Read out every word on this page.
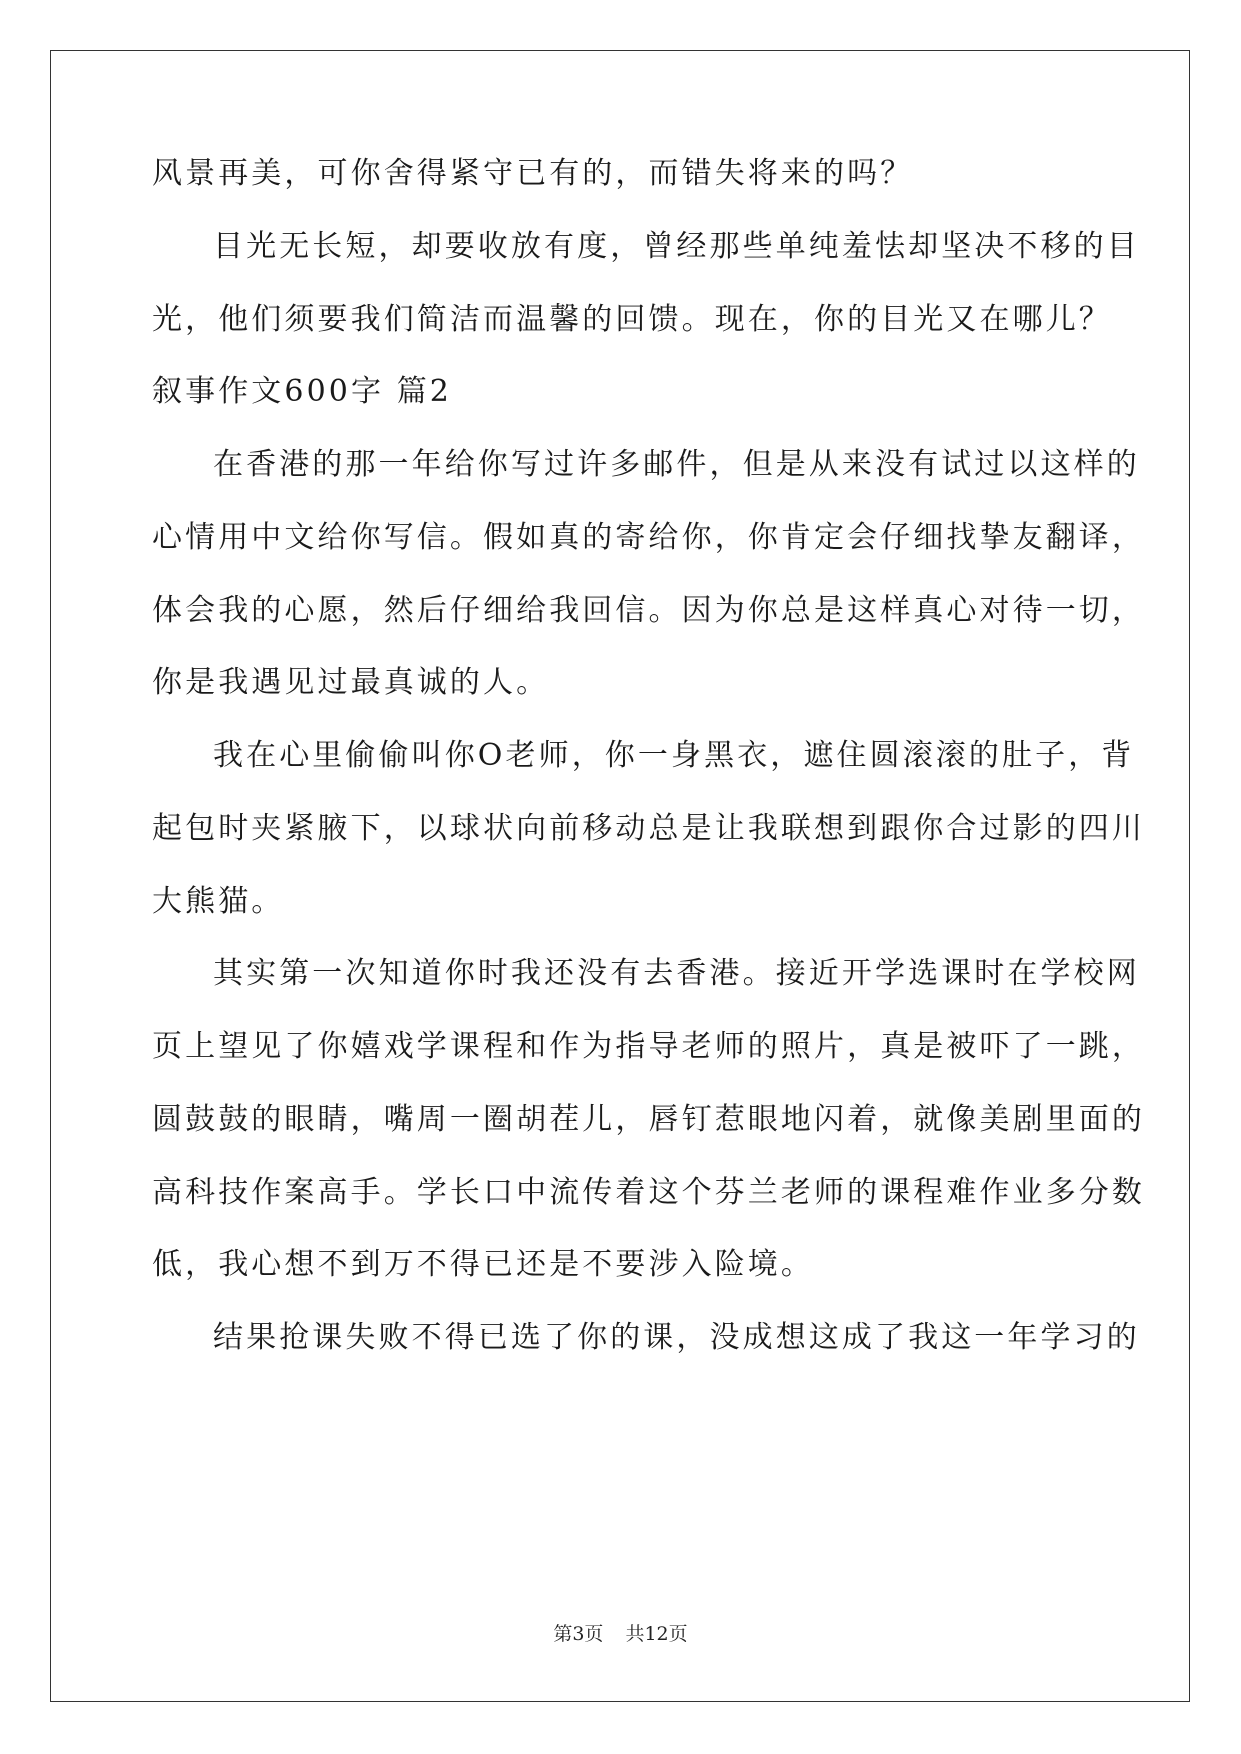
风景再美，可你舍得紧守已有的，而错失将来的吗？
目光无长短，却要收放有度，曾经那些单纯羞怯却坚决不移的目
光，他们须要我们简洁而温馨的回馈。现在，你的目光又在哪儿？
叙事作文600字 篇2
在香港的那一年给你写过许多邮件，但是从来没有试过以这样的
心情用中文给你写信。假如真的寄给你，你肯定会仔细找挚友翻译，
体会我的心愿，然后仔细给我回信。因为你总是这样真心对待一切，
你是我遇见过最真诚的人。
我在心里偷偷叫你O老师，你一身黑衣，遮住圆滚滚的肚子，背
起包时夹紧腋下，以球状向前移动总是让我联想到跟你合过影的四川
大熊猫。
其实第一次知道你时我还没有去香港。接近开学选课时在学校网
页上望见了你嬉戏学课程和作为指导老师的照片，真是被吓了一跳，
圆鼓鼓的眼睛，嘴周一圈胡茬儿，唇钉惹眼地闪着，就像美剧里面的
高科技作案高手。学长口中流传着这个芬兰老师的课程难作业多分数
低，我心想不到万不得已还是不要涉入险境。
结果抢课失败不得已选了你的课，没成想这成了我这一年学习的
第3页 共12页
